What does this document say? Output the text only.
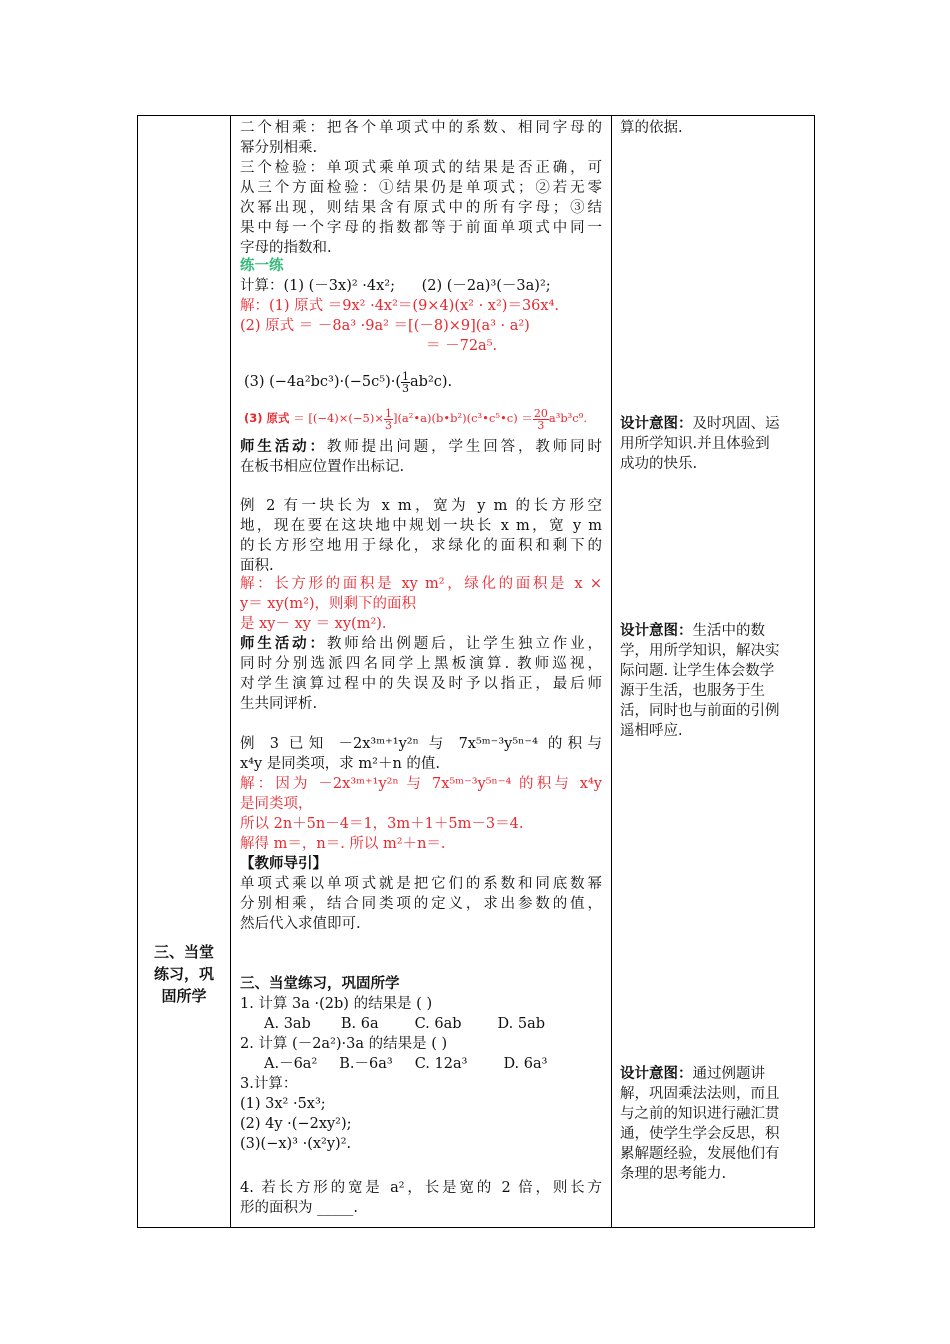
三、当堂
练习，巩
固所学
二个相乘：把各个单项式中的系数、相同字母的
幂分别相乘.
三个检验：单项式乘单项式的结果是否正确，可
从三个方面检验：①结果仍是单项式；②若无零
次幂出现，则结果含有原式中的所有字母；③结
果中每一个字母的指数都等于前面单项式中同一
字母的指数和.
练一练
计算：(1) (－3x)² ·4x²; (2) (－2a)³(－3a)²;
解：(1) 原式 ＝9x² ·4x²＝(9×4)(x² · x²)＝36x⁴.
(2) 原式 ＝ －8a³ ·9a² ＝[(－8)×9](a³ · a²)
＝ －72a⁵.
(3) $(-4a^2bc^3)\cdot(-5c^5)\cdot( \frac{1}{3} ab^2c)$.
(3) 原式 ＝ [$(-4)\times(-5)\times \frac{1}{3}$ ](a²•a)(b•b²)(c³•c⁵•c) ＝ $\frac{20}{3} a^3b^3c^9$.
师生活动：教师提出问题，学生回答，教师同时
在板书相应位置作出标记.
例 2 有一块长为 x m，宽为 y m 的长方形空
地，现在要在这块地中规划一块长 x m，宽 y m
的长方形空地用于绿化，求绿化的面积和剩下的
面积.
解：长方形的面积是 xy m²，绿化的面积是 x ×
y＝ xy(m²)，则剩下的面积
是 xy－ xy ＝ xy(m²).
师生活动：教师给出例题后，让学生独立作业，
同时分别选派四名同学上黑板演算. 教师巡视，
对学生演算过程中的失误及时予以指正，最后师
生共同评析.
例 3 已知 －2x³ᵐ⁺¹y²ⁿ 与 7x⁵ᵐ⁻³y⁵ⁿ⁻⁴ 的积与
x⁴y 是同类项，求 m²＋n 的值.
解：因为 －2x³ᵐ⁺¹y²ⁿ 与 7x⁵ᵐ⁻³y⁵ⁿ⁻⁴ 的积与 x⁴y
是同类项，
所以 2n＋5n－4＝1，3m＋1＋5m－3＝4.
解得 m＝，n＝. 所以 m²＋n＝.
【教师导引】
单项式乘以单项式就是把它们的系数和同底数幂
分别相乘，结合同类项的定义，求出参数的值，
然后代入求值即可.
三、当堂练习，巩固所学
1. 计算 3a ·(2b) 的结果是 ( )
A. 3ab B. 6a C. 6ab D. 5ab
2. 计算 (－2a²)·3a 的结果是 ( )
A.－6a² B.－6a³ C. 12a³ D. 6a³
3.计算：
(1) 3x² ·5x³;
(2) 4y ·(−2xy²);
(3)(−x)³ ·(x²y)².
4. 若长方形的宽是 a²，长是宽的 2 倍，则长方
形的面积为 _____.
算的依据.
设计意图：及时巩固、运
用所学知识.并且体验到
成功的快乐.
设计意图：生活中的数
学，用所学知识，解决实
际问题. 让学生体会数学
源于生活，也服务于生
活，同时也与前面的引例
遥相呼应.
设计意图：通过例题讲
解，巩固乘法法则，而且
与之前的知识进行融汇贯
通，使学生学会反思，积
累解题经验，发展他们有
条理的思考能力.
